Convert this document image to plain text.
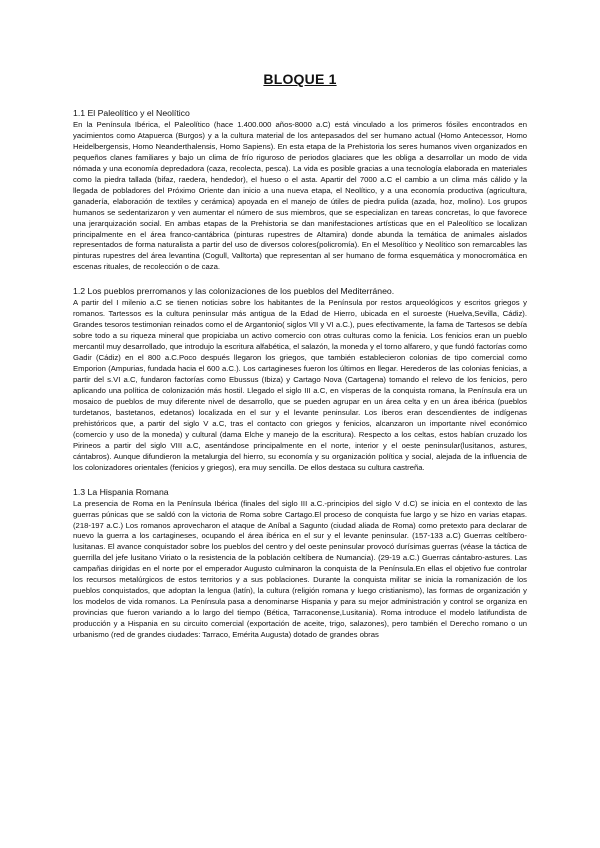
BLOQUE 1
1.1 El Paleolítico y el Neolítico

En la Península Ibérica, el Paleolítico (hace 1.400.000 años-8000 a.C) está vinculado a los primeros fósiles encontrados en yacimientos como Atapuerca (Burgos) y a la cultura material de los antepasados del ser humano actual (Homo Antecessor, Homo Heidelbergensis, Homo Neanderthalensis, Homo Sapiens). En esta etapa de la Prehistoria los seres humanos viven organizados en pequeños clanes familiares y bajo un clima de frío riguroso de periodos glaciares que les obliga a desarrollar un modo de vida nómada y una economía depredadora (caza, recolecta, pesca). La vida es posible gracias a una tecnología elaborada en materiales como la piedra tallada (bifaz, raedera, hendedor), el hueso o el asta. Apartir del 7000 a.C el cambio a un clima más cálido y la llegada de pobladores del Próximo Oriente dan inicio a una nueva etapa, el Neolítico, y a una economía productiva (agricultura, ganadería, elaboración de textiles y cerámica) apoyada en el manejo de útiles de piedra pulida (azada, hoz, molino). Los grupos humanos se sedentarizaron y ven aumentar el número de sus miembros, que se especializan en tareas concretas, lo que favorece una jerarquización social. En ambas etapas de la Prehistoria se dan manifestaciones artísticas que en el Paleolítico se localizan principalmente en el área franco-cantábrica (pinturas rupestres de Altamira) donde abunda la temática de animales aislados representados de forma naturalista a partir del uso de diversos colores(policromía). En el Mesolítico y Neolítico son remarcables las pinturas rupestres del área levantina (Cogull, Valltorta) que representan al ser humano de forma esquemática y monocromática en escenas rituales, de recolección o de caza.

1.2 Los pueblos prerromanos y las colonizaciones de los pueblos del Mediterráneo.

A partir del I milenio a.C se tienen noticias sobre los habitantes de la Península por restos arqueológicos y escritos griegos y romanos. Tartessos es la cultura peninsular más antigua de la Edad de Hierro, ubicada en el suroeste (Huelva,Sevilla, Cádiz). Grandes tesoros testimonian reinados como el de Argantonio( siglos VII y VI a.C.), pues efectivamente, la fama de Tartesos se debía sobre todo a su riqueza mineral que propiciaba un activo comercio con otras culturas como la fenicia. Los fenicios eran un pueblo mercantil muy desarrollado, que introdujo la escritura alfabética, el salazón, la moneda y el torno alfarero, y que fundó factorías como Gadir (Cádiz) en el 800 a.C.Poco después llegaron los griegos, que también establecieron colonias de tipo comercial como Emporion (Ampurias, fundada hacia el 600 a.C.). Los cartagineses fueron los últimos en llegar. Herederos de las colonias fenicias, a partir del s.VI a.C, fundaron factorías como Ebussus (Ibiza) y Cartago Nova (Cartagena) tomando el relevo de los fenicios, pero aplicando una política de colonización más hostil. Llegado el siglo III a.C, en vísperas de la conquista romana, la Península era un mosaico de pueblos de muy diferente nivel de desarrollo, que se pueden agrupar en un área celta y en un área ibérica (pueblos turdetanos, bastetanos, edetanos) localizada en el sur y el levante peninsular. Los íberos eran descendientes de indígenas prehistóricos que, a partir del siglo V a.C, tras el contacto con griegos y fenicios, alcanzaron un importante nivel económico (comercio y uso de la moneda) y cultural (dama Elche y manejo de la escritura). Respecto a los celtas, estos habían cruzado los Pirineos a partir del siglo VIII a.C, asentándose principalmente en el norte, interior y el oeste peninsular(lusitanos, astures, cántabros). Aunque difundieron la metalurgia del hierro, su economía y su organización política y social, alejada de la influencia de los colonizadores orientales (fenicios y griegos), era muy sencilla. De ellos destaca su cultura castreña.

1.3 La Hispania Romana

La presencia de Roma en la Península Ibérica (finales del siglo III a.C.-principios del siglo V d.C) se inicia en el contexto de las guerras púnicas que se saldó con la victoria de Roma sobre Cartago.El proceso de conquista fue largo y se hizo en varias etapas. (218-197 a.C.) Los romanos aprovecharon el ataque de Aníbal a Sagunto (ciudad aliada de Roma) como pretexto para declarar de nuevo la guerra a los cartagineses, ocupando el área ibérica en el sur y el levante peninsular. (157-133 a.C) Guerras celtíbero-lusitanas. El avance conquistador sobre los pueblos del centro y del oeste peninsular provocó durísimas guerras (véase la táctica de guerrilla del jefe lusitano Viriato o la resistencia de la población celtíbera de Numancia). (29-19 a.C.) Guerras cántabro-astures. Las campañas dirigidas en el norte por el emperador Augusto culminaron la conquista de la Península.En ellas el objetivo fue controlar los recursos metalúrgicos de estos territorios y a sus poblaciones. Durante la conquista militar se inicia la romanización de los pueblos conquistados, que adoptan la lengua (latín), la cultura (religión romana y luego cristianismo), las formas de organización y los modelos de vida romanos. La Península pasa a denominarse Hispania y para su mejor administración y control se organiza en provincias que fueron variando a lo largo del tiempo (Bética, Tarraconense,Lusitania). Roma introduce el modelo latifundista de producción y a Hispania en su circuito comercial (exportación de aceite, trigo, salazones), pero también el Derecho romano o un urbanismo (red de grandes ciudades: Tarraco, Emérita Augusta) dotado de grandes obras
